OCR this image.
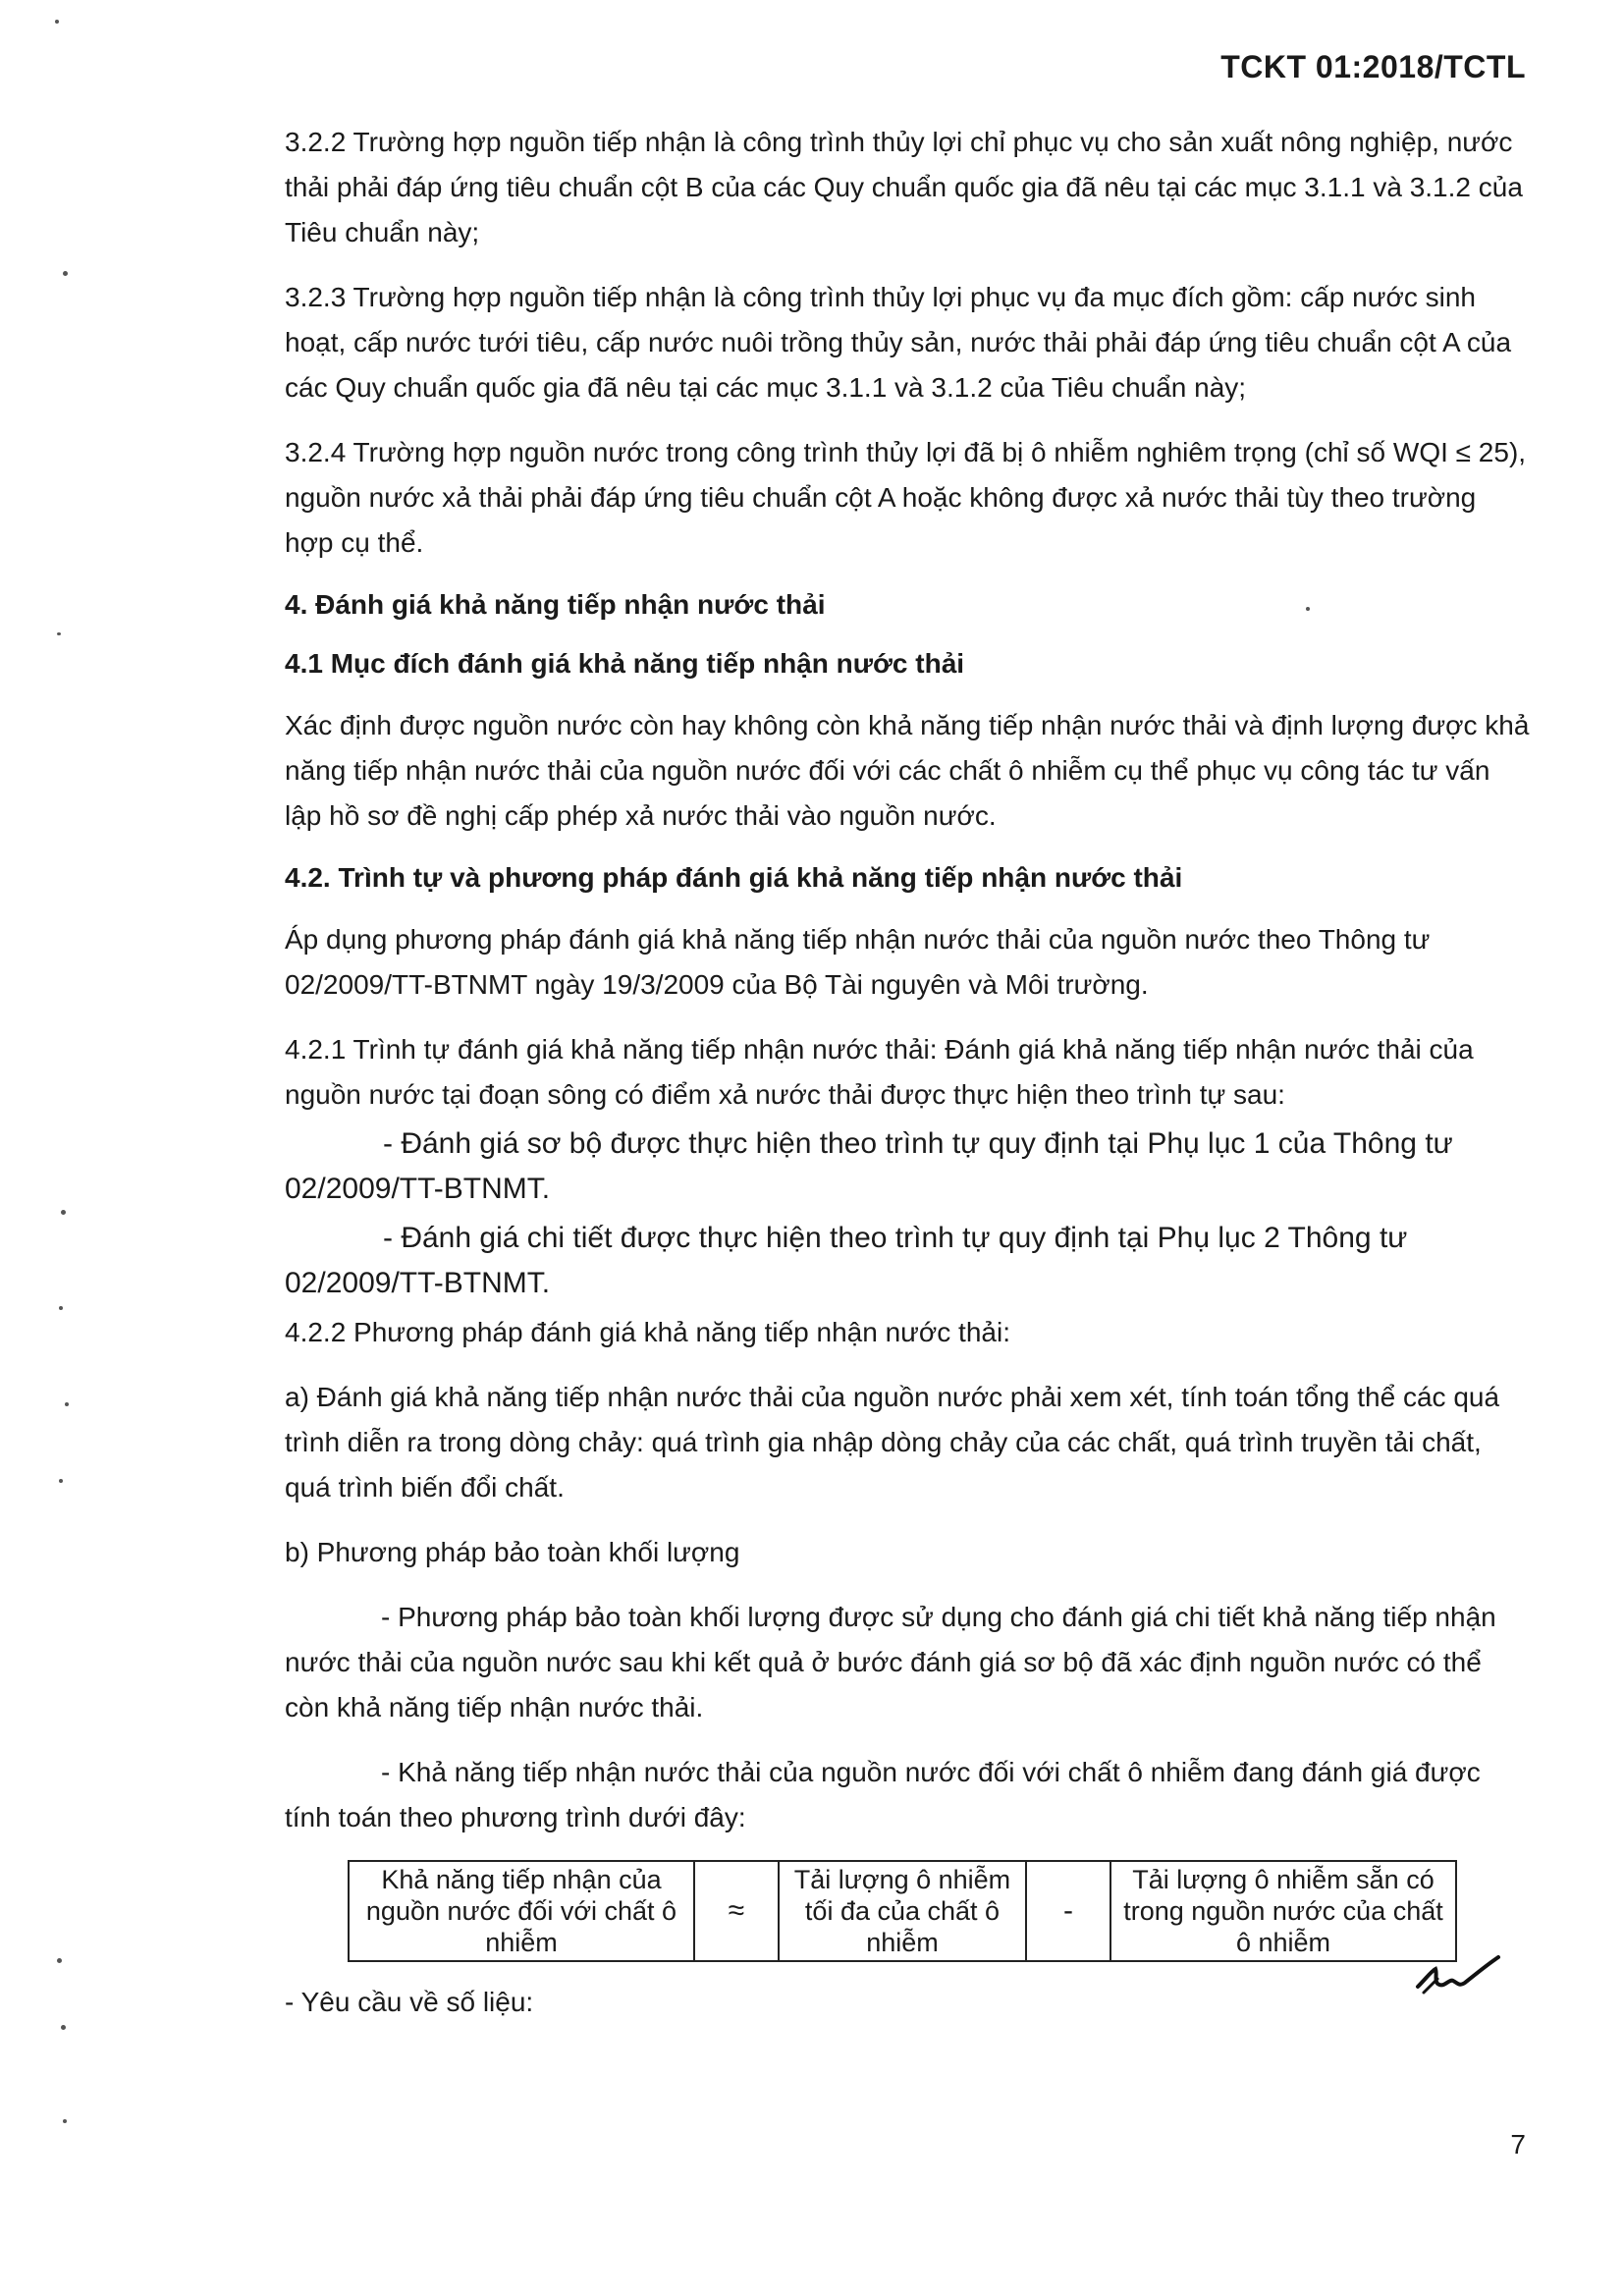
TCKT 01:2018/TCTL

3.2.2 Trường hợp nguồn tiếp nhận là công trình thủy lợi chỉ phục vụ cho sản xuất nông nghiệp, nước thải phải đáp ứng tiêu chuẩn cột B của các Quy chuẩn quốc gia đã nêu tại các mục 3.1.1 và 3.1.2 của Tiêu chuẩn này;

3.2.3 Trường hợp nguồn tiếp nhận là công trình thủy lợi phục vụ đa mục đích gồm: cấp nước sinh hoạt, cấp nước tưới tiêu, cấp nước nuôi trồng thủy sản, nước thải phải đáp ứng tiêu chuẩn cột A của các Quy chuẩn quốc gia đã nêu tại các mục 3.1.1 và 3.1.2 của Tiêu chuẩn này;

3.2.4 Trường hợp nguồn nước trong công trình thủy lợi đã bị ô nhiễm nghiêm trọng (chỉ số WQI ≤ 25), nguồn nước xả thải phải đáp ứng tiêu chuẩn cột A hoặc không được xả nước thải tùy theo trường hợp cụ thể.

4. Đánh giá khả năng tiếp nhận nước thải
4.1 Mục đích đánh giá khả năng tiếp nhận nước thải

Xác định được nguồn nước còn hay không còn khả năng tiếp nhận nước thải và định lượng được khả năng tiếp nhận nước thải của nguồn nước đối với các chất ô nhiễm cụ thể phục vụ công tác tư vấn lập hồ sơ đề nghị cấp phép xả nước thải vào nguồn nước.

4.2. Trình tự và phương pháp đánh giá khả năng tiếp nhận nước thải

Áp dụng phương pháp đánh giá khả năng tiếp nhận nước thải của nguồn nước theo Thông tư 02/2009/TT-BTNMT ngày 19/3/2009 của Bộ Tài nguyên và Môi trường.

4.2.1 Trình tự đánh giá khả năng tiếp nhận nước thải: Đánh giá khả năng tiếp nhận nước thải của nguồn nước tại đoạn sông có điểm xả nước thải được thực hiện theo trình tự sau:

- Đánh giá sơ bộ được thực hiện theo trình tự quy định tại Phụ lục 1 của Thông tư 02/2009/TT-BTNMT.

- Đánh giá chi tiết được thực hiện theo trình tự quy định tại Phụ lục 2 Thông tư 02/2009/TT-BTNMT.

4.2.2 Phương pháp đánh giá khả năng tiếp nhận nước thải:

a) Đánh giá khả năng tiếp nhận nước thải của nguồn nước phải xem xét, tính toán tổng thể các quá trình diễn ra trong dòng chảy: quá trình gia nhập dòng chảy của các chất, quá trình truyền tải chất, quá trình biến đổi chất.

b) Phương pháp bảo toàn khối lượng

- Phương pháp bảo toàn khối lượng được sử dụng cho đánh giá chi tiết khả năng tiếp nhận nước thải của nguồn nước sau khi kết quả ở bước đánh giá sơ bộ đã xác định nguồn nước có thể còn khả năng tiếp nhận nước thải.

- Khả năng tiếp nhận nước thải của nguồn nước đối với chất ô nhiễm đang đánh giá được tính toán theo phương trình dưới đây:

Khả năng tiếp nhận của nguồn nước đối với chất ô nhiễm	≈	Tải lượng ô nhiễm tối đa của chất ô nhiễm	-	Tải lượng ô nhiễm sẵn có trong nguồn nước của chất ô nhiễm

- Yêu cầu về số liệu:

7
